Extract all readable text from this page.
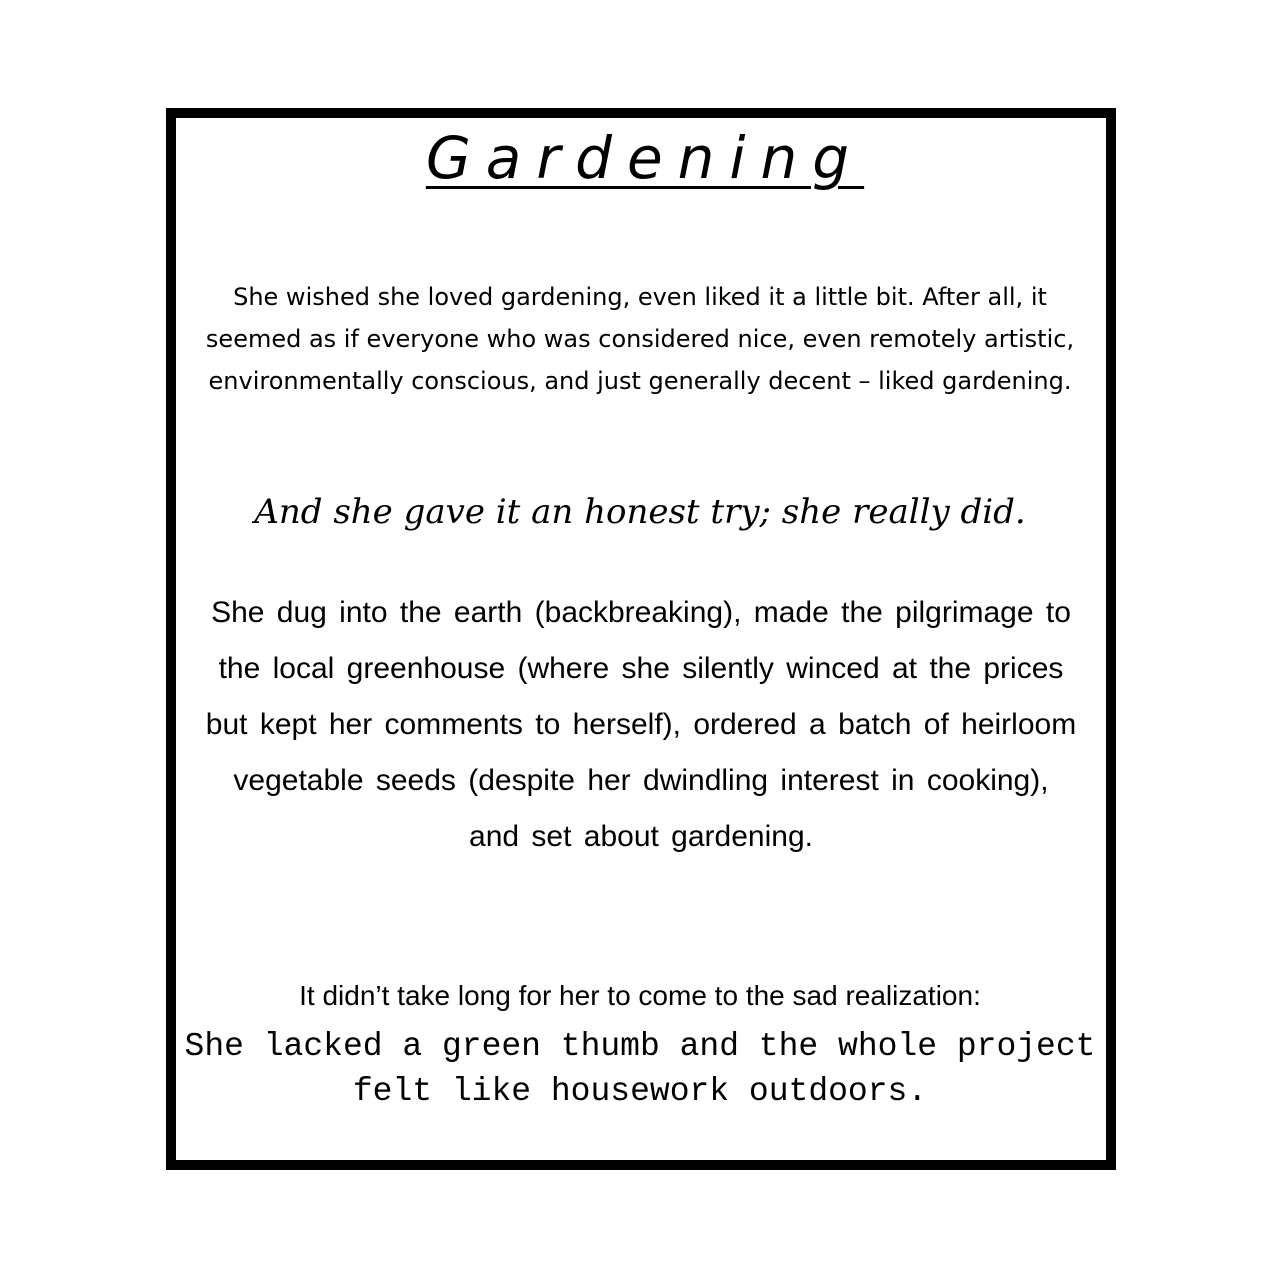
Gardening

She wished she loved gardening, even liked it a little bit. After all, it seemed as if everyone who was considered nice, even remotely artistic, environmentally conscious, and just generally decent – liked gardening.

And she gave it an honest try; she really did.

She dug into the earth (backbreaking), made the pilgrimage to the local greenhouse (where she silently winced at the prices but kept her comments to herself), ordered a batch of heirloom vegetable seeds (despite her dwindling interest in cooking), and set about gardening.

It didn’t take long for her to come to the sad realization:

She lacked a green thumb and the whole project felt like housework outdoors.
